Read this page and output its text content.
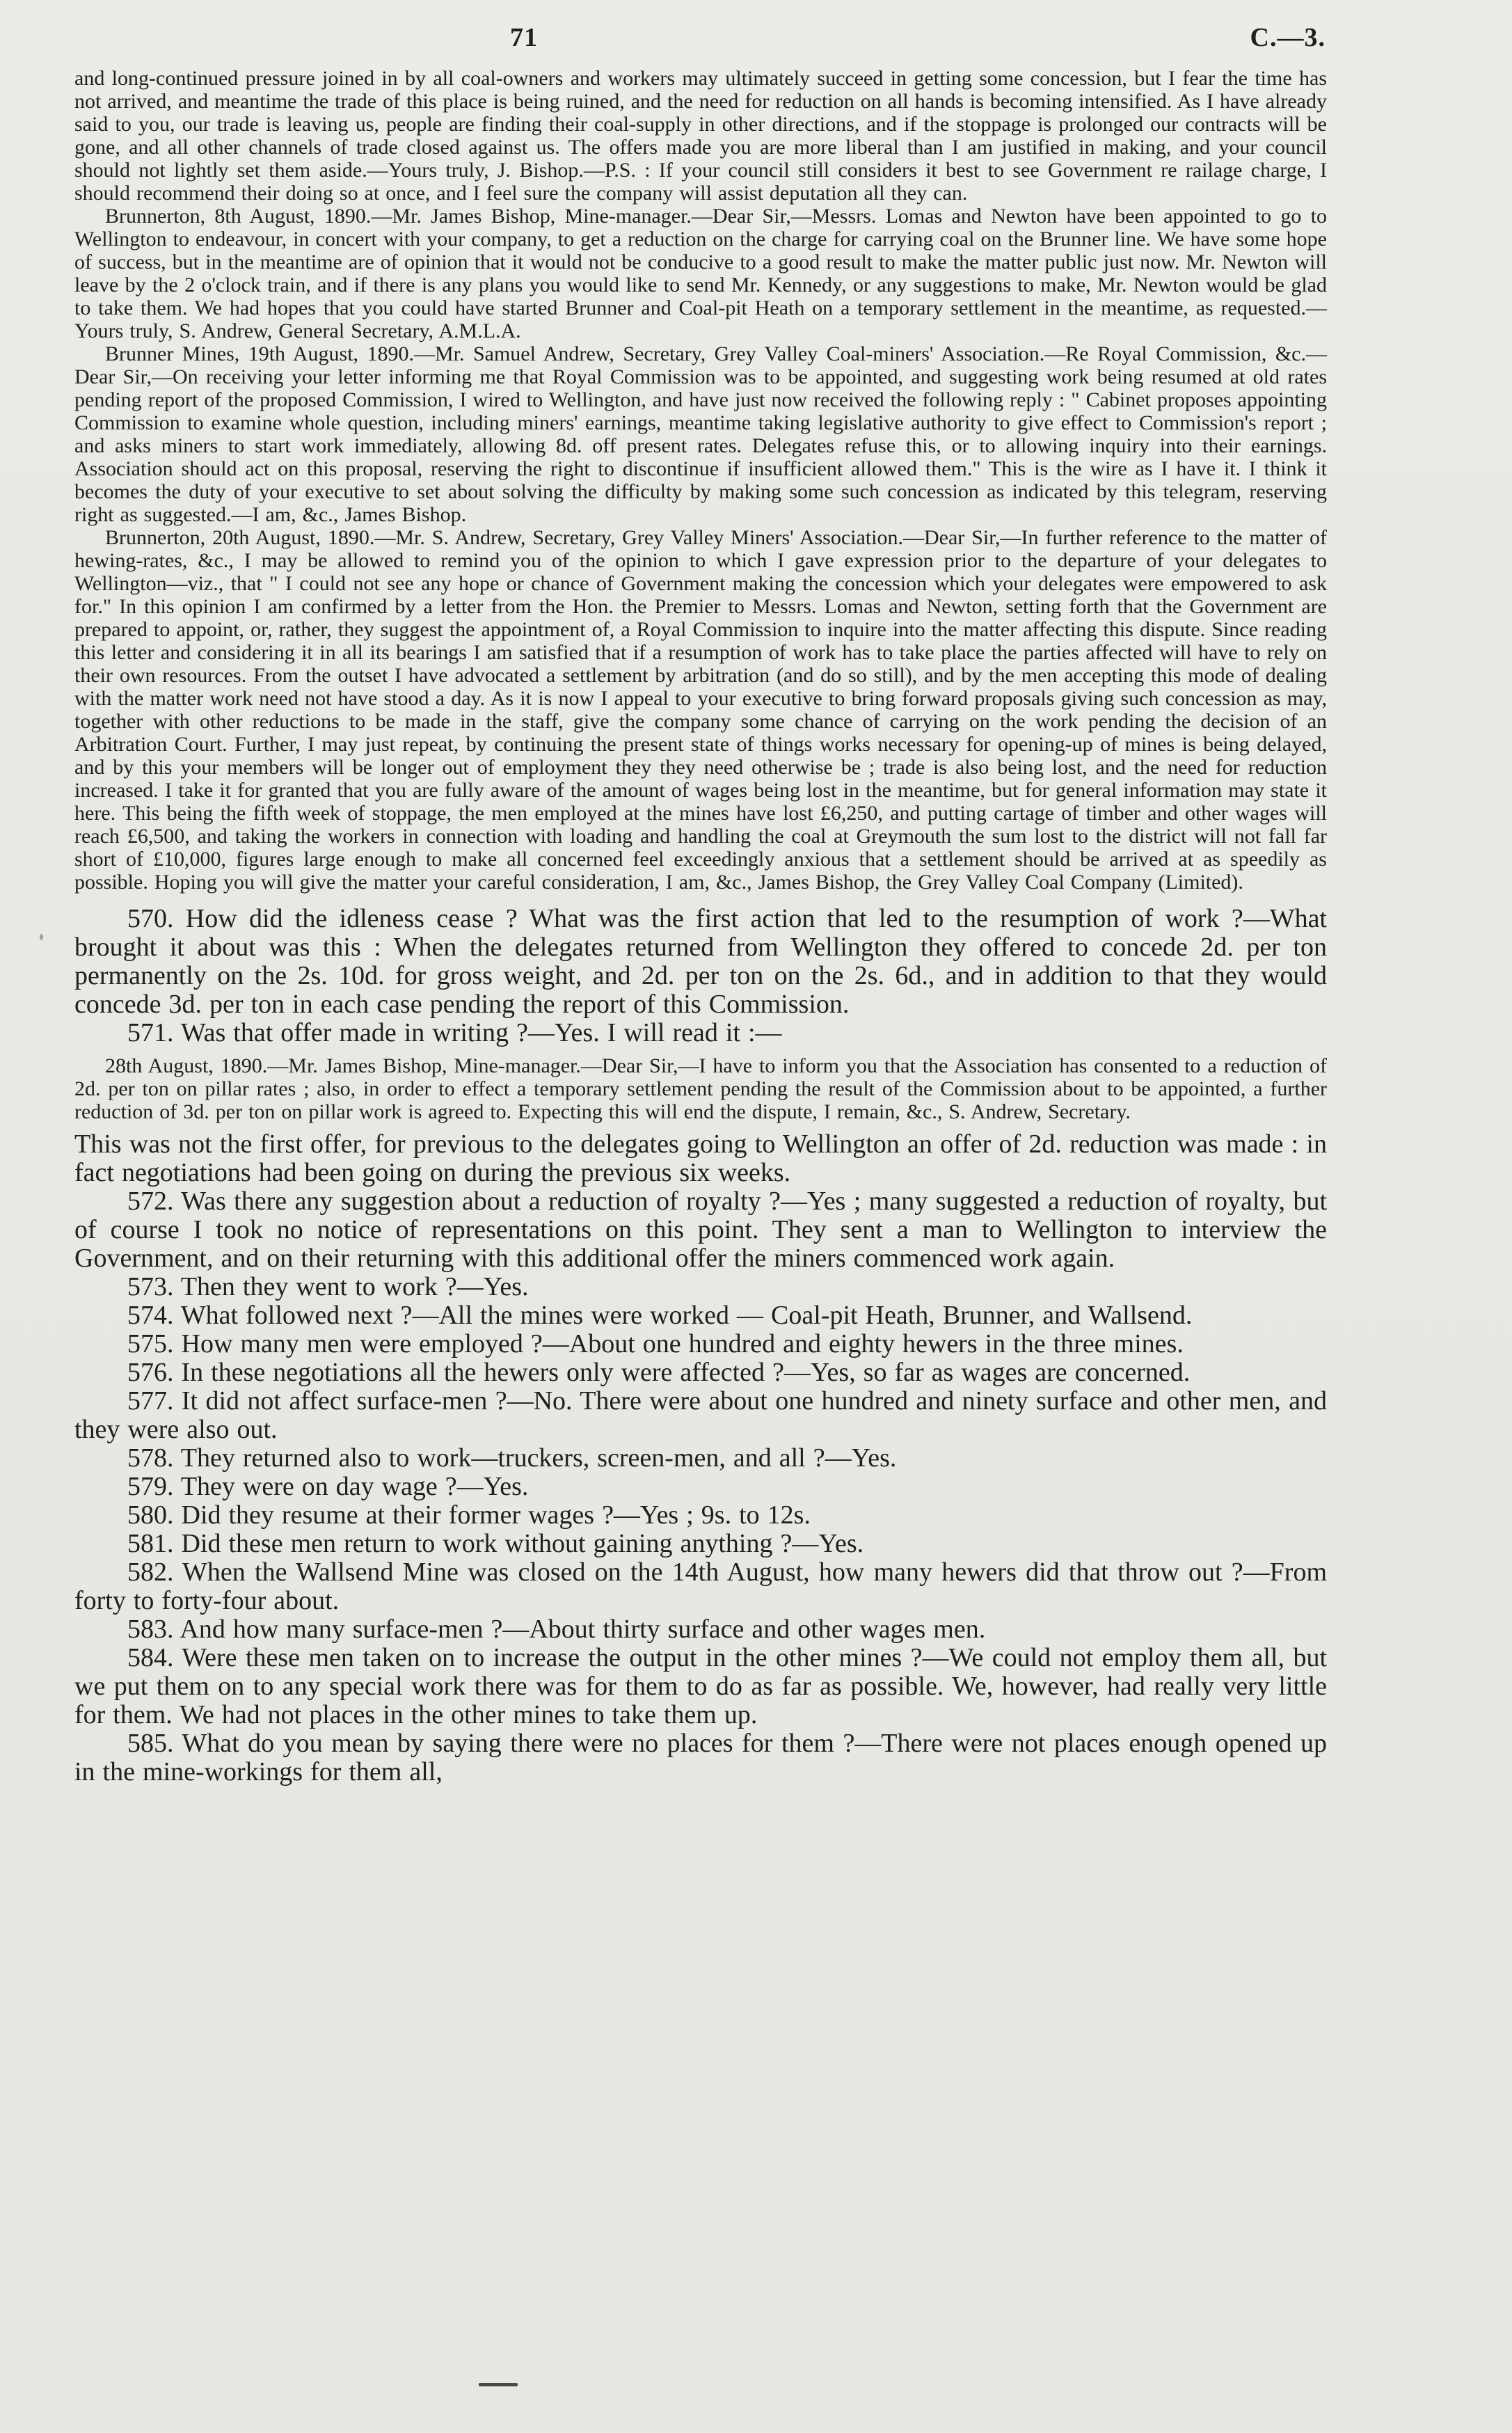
71	C.—3.

and long-continued pressure joined in by all coal-owners and workers may ultimately succeed in getting some concession, but I fear the time has not arrived, and meantime the trade of this place is being ruined, and the need for reduction on all hands is becoming intensified. As I have already said to you, our trade is leaving us, people are finding their coal-supply in other directions, and if the stoppage is prolonged our contracts will be gone, and all other channels of trade closed against us. The offers made you are more liberal than I am justified in making, and your council should not lightly set them aside.—Yours truly, J. Bishop.—P.S. : If your council still considers it best to see Government re railage charge, I should recommend their doing so at once, and I feel sure the company will assist deputation all they can.

Brunnerton, 8th August, 1890.—Mr. James Bishop, Mine-manager.—Dear Sir,—Messrs. Lomas and Newton have been appointed to go to Wellington to endeavour, in concert with your company, to get a reduction on the charge for carrying coal on the Brunner line. We have some hope of success, but in the meantime are of opinion that it would not be conducive to a good result to make the matter public just now. Mr. Newton will leave by the 2 o'clock train, and if there is any plans you would like to send Mr. Kennedy, or any suggestions to make, Mr. Newton would be glad to take them. We had hopes that you could have started Brunner and Coal-pit Heath on a temporary settlement in the meantime, as requested.—Yours truly, S. Andrew, General Secretary, A.M.L.A.

Brunner Mines, 19th August, 1890.—Mr. Samuel Andrew, Secretary, Grey Valley Coal-miners' Association.—Re Royal Commission, &c.—Dear Sir,—On receiving your letter informing me that Royal Commission was to be appointed, and suggesting work being resumed at old rates pending report of the proposed Commission, I wired to Wellington, and have just now received the following reply : " Cabinet proposes appointing Commission to examine whole question, including miners' earnings, meantime taking legislative authority to give effect to Commission's report ; and asks miners to start work immediately, allowing 8d. off present rates. Delegates refuse this, or to allowing inquiry into their earnings. Association should act on this proposal, reserving the right to discontinue if insufficient allowed them." This is the wire as I have it. I think it becomes the duty of your executive to set about solving the difficulty by making some such concession as indicated by this telegram, reserving right as suggested.—I am, &c., James Bishop.

Brunnerton, 20th August, 1890.—Mr. S. Andrew, Secretary, Grey Valley Miners' Association.—Dear Sir,—In further reference to the matter of hewing-rates, &c., I may be allowed to remind you of the opinion to which I gave expression prior to the departure of your delegates to Wellington—viz., that " I could not see any hope or chance of Government making the concession which your delegates were empowered to ask for." In this opinion I am confirmed by a letter from the Hon. the Premier to Messrs. Lomas and Newton, setting forth that the Government are prepared to appoint, or, rather, they suggest the appointment of, a Royal Commission to inquire into the matter affecting this dispute. Since reading this letter and considering it in all its bearings I am satisfied that if a resumption of work has to take place the parties affected will have to rely on their own resources. From the outset I have advocated a settlement by arbitration (and do so still), and by the men accepting this mode of dealing with the matter work need not have stood a day. As it is now I appeal to your executive to bring forward proposals giving such concession as may, together with other reductions to be made in the staff, give the company some chance of carrying on the work pending the decision of an Arbitration Court. Further, I may just repeat, by continuing the present state of things works necessary for opening-up of mines is being delayed, and by this your members will be longer out of employment they they need otherwise be ; trade is also being lost, and the need for reduction increased. I take it for granted that you are fully aware of the amount of wages being lost in the meantime, but for general information may state it here. This being the fifth week of stoppage, the men employed at the mines have lost £6,250, and putting cartage of timber and other wages will reach £6,500, and taking the workers in connection with loading and handling the coal at Greymouth the sum lost to the district will not fall far short of £10,000, figures large enough to make all concerned feel exceedingly anxious that a settlement should be arrived at as speedily as possible. Hoping you will give the matter your careful consideration, I am, &c., James Bishop, the Grey Valley Coal Company (Limited).

570. How did the idleness cease ? What was the first action that led to the resumption of work ?—What brought it about was this : When the delegates returned from Wellington they offered to concede 2d. per ton permanently on the 2s. 10d. for gross weight, and 2d. per ton on the 2s. 6d., and in addition to that they would concede 3d. per ton in each case pending the report of this Commission.

571. Was that offer made in writing ?—Yes. I will read it :—

28th August, 1890.—Mr. James Bishop, Mine-manager.—Dear Sir,—I have to inform you that the Association has consented to a reduction of 2d. per ton on pillar rates ; also, in order to effect a temporary settlement pending the result of the Commission about to be appointed, a further reduction of 3d. per ton on pillar work is agreed to. Expecting this will end the dispute, I remain, &c., S. Andrew, Secretary.

This was not the first offer, for previous to the delegates going to Wellington an offer of 2d. reduction was made : in fact negotiations had been going on during the previous six weeks.

572. Was there any suggestion about a reduction of royalty ?—Yes ; many suggested a reduction of royalty, but of course I took no notice of representations on this point. They sent a man to Wellington to interview the Government, and on their returning with this additional offer the miners commenced work again.

573. Then they went to work ?—Yes.

574. What followed next ?—All the mines were worked — Coal-pit Heath, Brunner, and Wallsend.

575. How many men were employed ?—About one hundred and eighty hewers in the three mines.

576. In these negotiations all the hewers only were affected ?—Yes, so far as wages are concerned.

577. It did not affect surface-men ?—No. There were about one hundred and ninety surface and other men, and they were also out.

578. They returned also to work—truckers, screen-men, and all ?—Yes.

579. They were on day wage ?—Yes.

580. Did they resume at their former wages ?—Yes ; 9s. to 12s.

581. Did these men return to work without gaining anything ?—Yes.

582. When the Wallsend Mine was closed on the 14th August, how many hewers did that throw out ?—From forty to forty-four about.

583. And how many surface-men ?—About thirty surface and other wages men.

584. Were these men taken on to increase the output in the other mines ?—We could not employ them all, but we put them on to any special work there was for them to do as far as possible. We, however, had really very little for them. We had not places in the other mines to take them up.

585. What do you mean by saying there were no places for them ?—There were not places enough opened up in the mine-workings for them all,
